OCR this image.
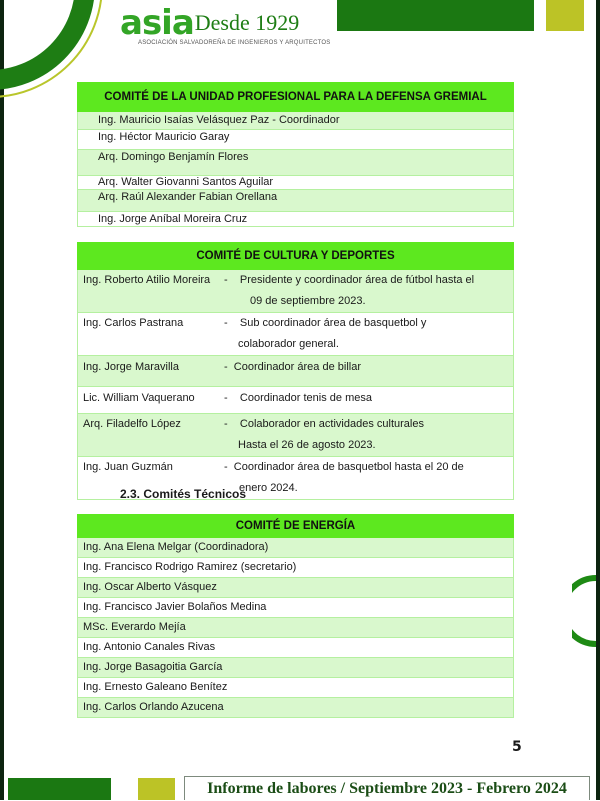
asiaDesde 1929
ASOCIACIÓN SALVADOREÑA DE INGENIEROS Y ARQUITECTOS
COMITÉ DE LA UNIDAD PROFESIONAL PARA LA DEFENSA GREMIAL
Ing. Mauricio Isaías Velásquez Paz - Coordinador
Ing. Héctor Mauricio Garay
Arq. Domingo Benjamín Flores
Arq. Walter Giovanni Santos Aguilar
Arq. Raúl Alexander Fabian Orellana
Ing. Jorge Aníbal Moreira Cruz
COMITÉ DE CULTURA Y DEPORTES	
Ing. Roberto Atilio Moreira	- Presidente y coordinador área de fútbol hasta el
09 de septiembre 2023.

Ing. Carlos Pastrana	- Sub coordinador área de basquetbol y
colaborador general.

Ing. Jorge Maravilla	- Coordinador área de billar

Lic. William Vaquerano	- Coordinador tenis de mesa

Arq. Filadelfo López	- Colaborador en actividades culturales
Hasta el 26 de agosto 2023.

Ing. Juan Guzmán	- Coordinador área de basquetbol hasta el 20 de
enero 2024.
2.3. Comités Técnicos
COMITÉ DE ENERGÍA
Ing. Ana Elena Melgar (Coordinadora)
Ing. Francisco Rodrigo Ramirez (secretario)
Ing. Oscar Alberto Vásquez
Ing. Francisco Javier Bolaños Medina
MSc. Everardo Mejía
Ing. Antonio Canales Rivas
Ing. Jorge Basagoitia García
Ing. Ernesto Galeano Benítez
Ing. Carlos Orlando Azucena
5
Informe de labores / Septiembre 2023 - Febrero 2024
